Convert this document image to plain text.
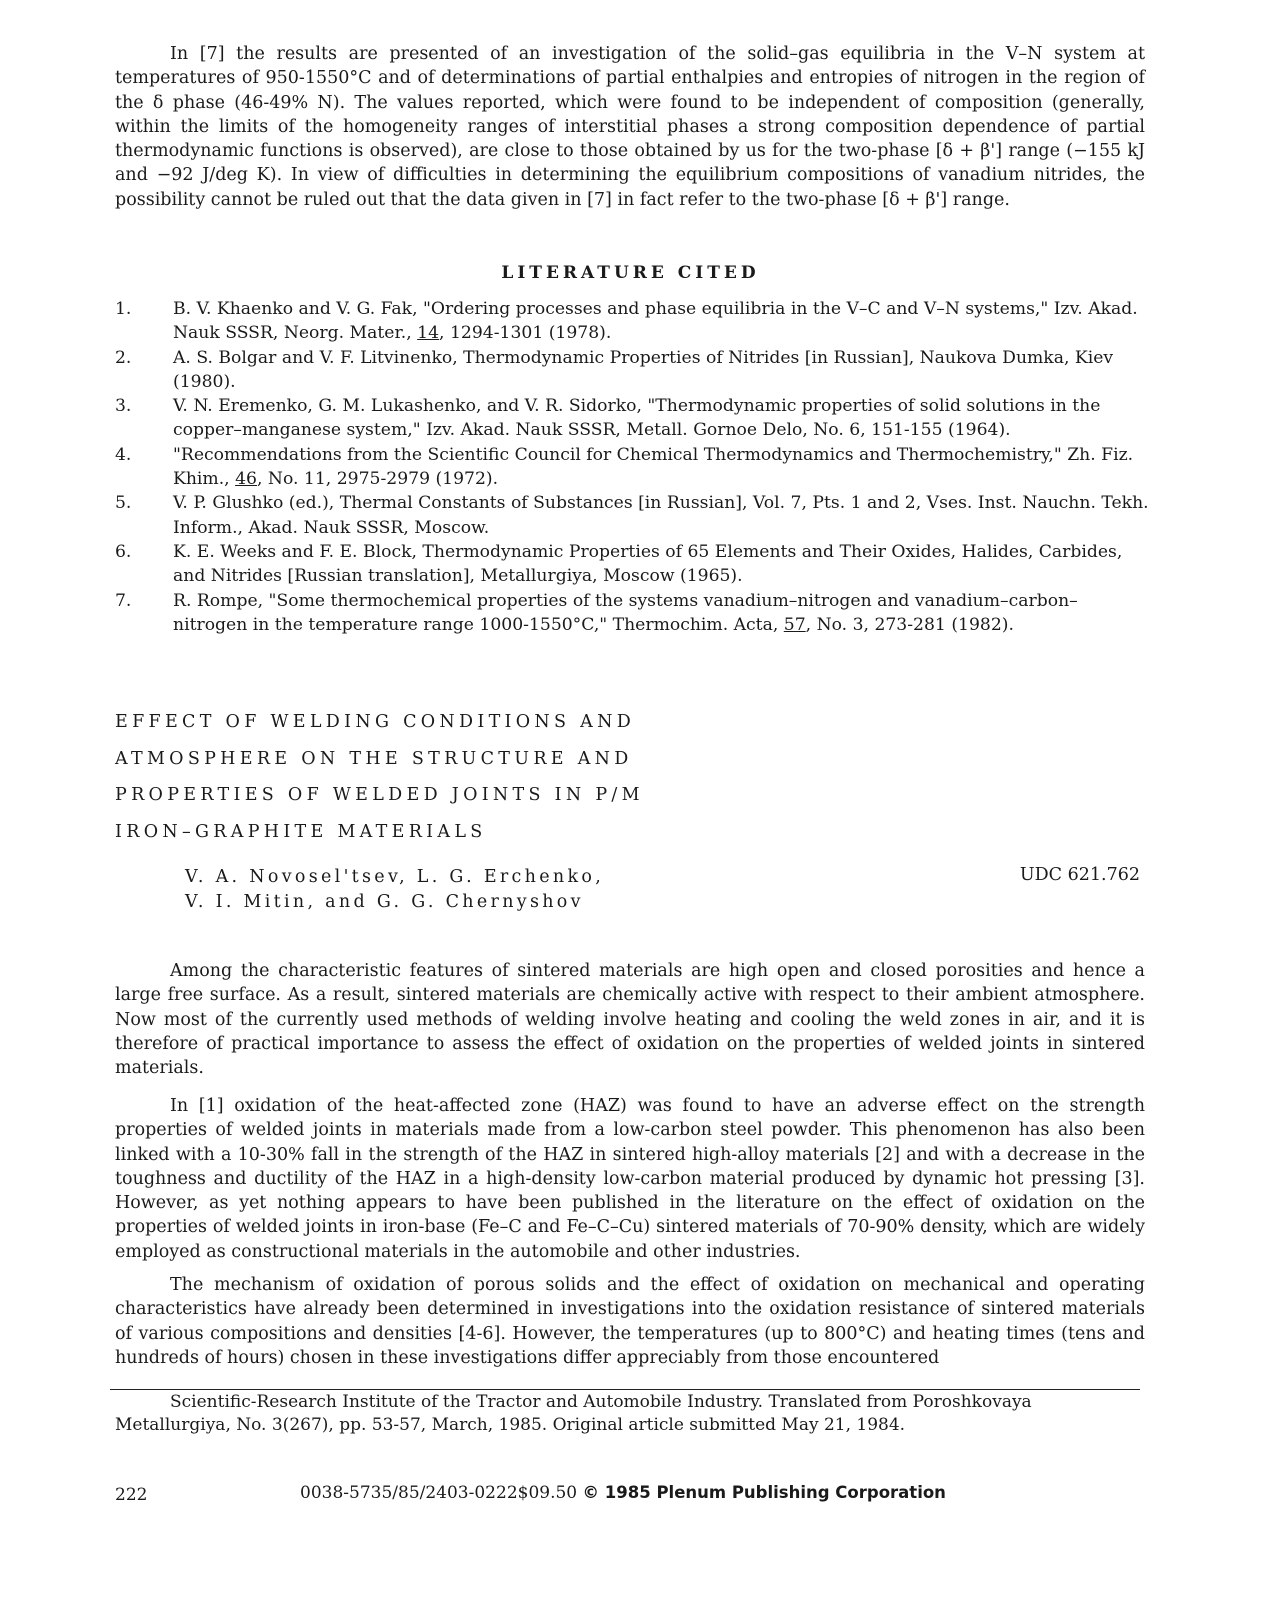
In [7] the results are presented of an investigation of the solid–gas equilibria in the V–N system at temperatures of 950-1550°C and of determinations of partial enthalpies and entropies of nitrogen in the region of the δ phase (46-49% N). The values reported, which were found to be independent of composition (generally, within the limits of the homogeneity ranges of interstitial phases a strong composition dependence of partial thermodynamic functions is observed), are close to those obtained by us for the two-phase [δ + β'] range (−155 kJ and −92 J/deg K). In view of difficulties in determining the equilibrium compositions of vanadium nitrides, the possibility cannot be ruled out that the data given in [7] in fact refer to the two-phase [δ + β'] range.

LITERATURE CITED
1.	B. V. Khaenko and V. G. Fak, "Ordering processes and phase equilibria in the V–C and V–N systems," Izv. Akad. Nauk SSSR, Neorg. Mater., 14, 1294-1301 (1978).
2.	A. S. Bolgar and V. F. Litvinenko, Thermodynamic Properties of Nitrides [in Russian], Naukova Dumka, Kiev (1980).
3.	V. N. Eremenko, G. M. Lukashenko, and V. R. Sidorko, "Thermodynamic properties of solid solutions in the copper–manganese system," Izv. Akad. Nauk SSSR, Metall. Gornoe Delo, No. 6, 151-155 (1964).
4.	"Recommendations from the Scientific Council for Chemical Thermodynamics and Thermochemistry," Zh. Fiz. Khim., 46, No. 11, 2975-2979 (1972).
5.	V. P. Glushko (ed.), Thermal Constants of Substances [in Russian], Vol. 7, Pts. 1 and 2, Vses. Inst. Nauchn. Tekh. Inform., Akad. Nauk SSSR, Moscow.
6.	K. E. Weeks and F. E. Block, Thermodynamic Properties of 65 Elements and Their Oxides, Halides, Carbides, and Nitrides [Russian translation], Metallurgiya, Moscow (1965).
7.	R. Rompe, "Some thermochemical properties of the systems vanadium–nitrogen and vanadium–carbon–nitrogen in the temperature range 1000-1550°C," Thermochim. Acta, 57, No. 3, 273-281 (1982).
EFFECT OF WELDING CONDITIONS AND
ATMOSPHERE ON THE STRUCTURE AND
PROPERTIES OF WELDED JOINTS IN P/M
IRON–GRAPHITE MATERIALS
V. A. Novosel'tsev, L. G. Erchenko,
V. I. Mitin, and G. G. Chernyshov
UDC 621.762

Among the characteristic features of sintered materials are high open and closed porosities and hence a large free surface. As a result, sintered materials are chemically active with respect to their ambient atmosphere. Now most of the currently used methods of welding involve heating and cooling the weld zones in air, and it is therefore of practical importance to assess the effect of oxidation on the properties of welded joints in sintered materials.

In [1] oxidation of the heat-affected zone (HAZ) was found to have an adverse effect on the strength properties of welded joints in materials made from a low-carbon steel powder. This phenomenon has also been linked with a 10-30% fall in the strength of the HAZ in sintered high-alloy materials [2] and with a decrease in the toughness and ductility of the HAZ in a high-density low-carbon material produced by dynamic hot pressing [3]. However, as yet nothing appears to have been published in the literature on the effect of oxidation on the properties of welded joints in iron-base (Fe–C and Fe–C–Cu) sintered materials of 70-90% density, which are widely employed as constructional materials in the automobile and other industries.

The mechanism of oxidation of porous solids and the effect of oxidation on mechanical and operating characteristics have already been determined in investigations into the oxidation resistance of sintered materials of various compositions and densities [4-6]. However, the temperatures (up to 800°C) and heating times (tens and hundreds of hours) chosen in these investigations differ appreciably from those encountered

Scientific-Research Institute of the Tractor and Automobile Industry. Translated from Poroshkovaya Metallurgiya, No. 3(267), pp. 53-57, March, 1985. Original article submitted May 21, 1984.

222	0038-5735/85/2403-0222$09.50 © 1985 Plenum Publishing Corporation
